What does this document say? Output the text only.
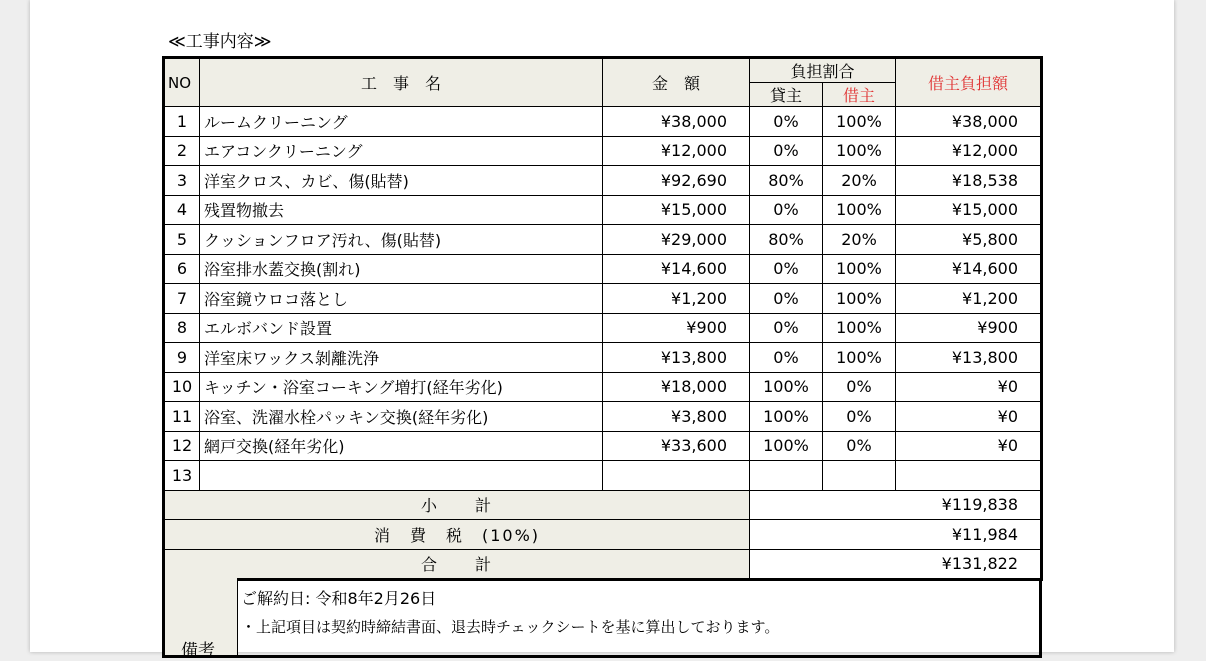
≪工事内容≫
NO	工　事　名	金　額	負担割合		借主負担額
			貸主	借主	
1	ルームクリーニング	¥38,000	0%	100%	¥38,000
2	エアコンクリーニング	¥12,000	0%	100%	¥12,000
3	洋室クロス、カビ、傷(貼替)	¥92,690	80%	20%	¥18,538
4	残置物撤去	¥15,000	0%	100%	¥15,000
5	クッションフロア汚れ、傷(貼替)	¥29,000	80%	20%	¥5,800
6	浴室排水蓋交換(割れ)	¥14,600	0%	100%	¥14,600
7	浴室鏡ウロコ落とし	¥1,200	0%	100%	¥1,200
8	エルボバンド設置	¥900	0%	100%	¥900
9	洋室床ワックス剝離洗浄	¥13,800	0%	100%	¥13,800
10	キッチン・浴室コーキング増打(経年劣化)	¥18,000	100%	0%	¥0
11	浴室、洗濯水栓パッキン交換(経年劣化)	¥3,800	100%	0%	¥0
12	網戸交換(経年劣化)	¥33,600	100%	0%	¥0
13					
小　　計			¥119,838		
消　費　税　(10%)			¥11,984		
合　　計			¥131,822		
備考
ご解約日: 令和8年2月26日
・上記項目は契約時締結書面、退去時チェックシートを基に算出しております。
